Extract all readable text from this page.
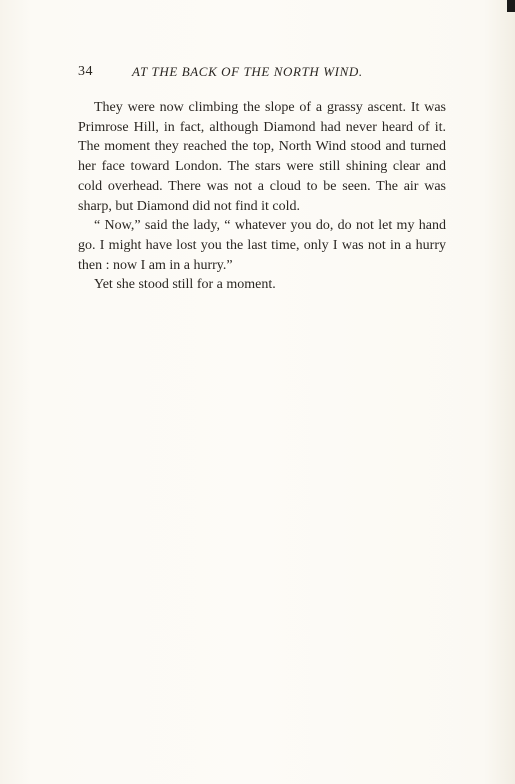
34	AT THE BACK OF THE NORTH WIND.

They were now climbing the slope of a grassy ascent. It was Primrose Hill, in fact, although Diamond had never heard of it. The moment they reached the top, North Wind stood and turned her face toward London. The stars were still shining clear and cold overhead. There was not a cloud to be seen. The air was sharp, but Diamond did not find it cold.

“ Now,” said the lady, “ whatever you do, do not let my hand go. I might have lost you the last time, only I was not in a hurry then : now I am in a hurry.”

Yet she stood still for a moment.
